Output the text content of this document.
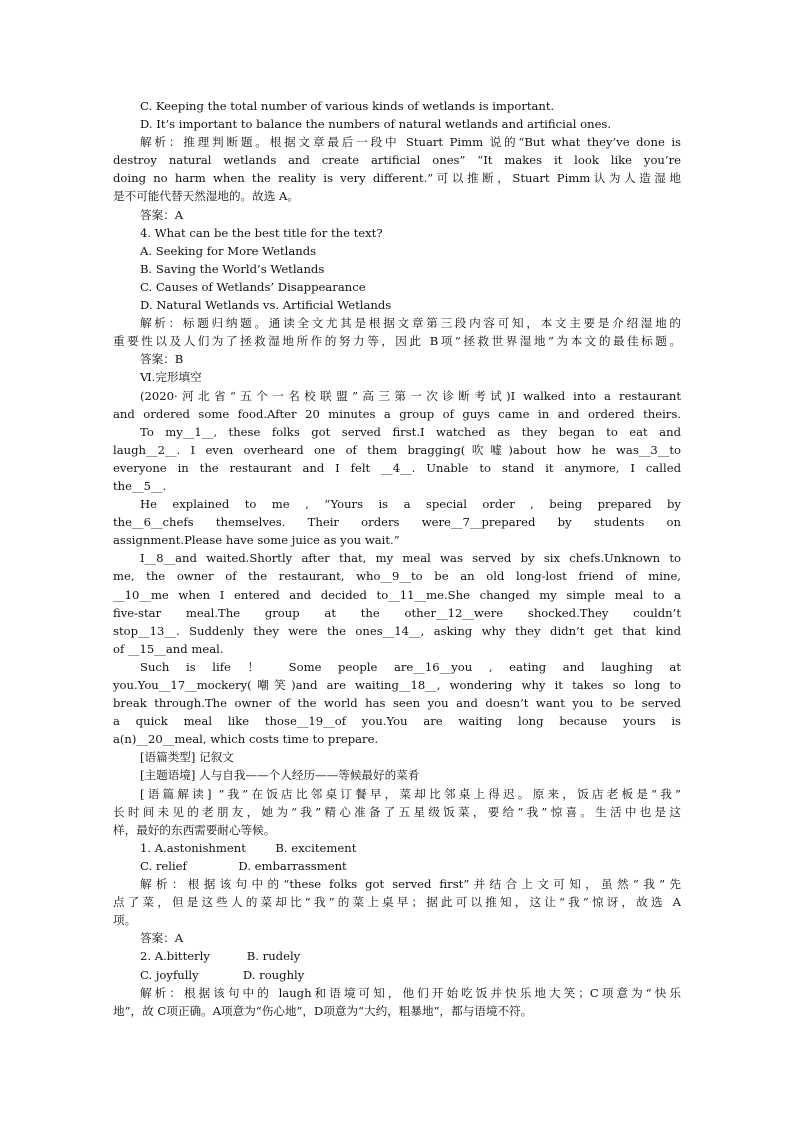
C. Keeping the total number of various kinds of wetlands is important.
D. It’s important to balance the numbers of natural wetlands and artificial ones.
解析：推理判断题。根据文章最后一段中 Stuart Pimm 说的“But what they’ve done is
destroy natural wetlands and create artificial ones” “It makes it look like you’re
doing no harm when the reality is very different.”可以推断，Stuart Pimm认为人造湿地
是不可能代替天然湿地的。故选 A。
答案：A
4. What can be the best title for the text?
A. Seeking for More Wetlands
B. Saving the World’s Wetlands
C. Causes of Wetlands’ Disappearance
D. Natural Wetlands vs. Artificial Wetlands
解析：标题归纳题。通读全文尤其是根据文章第三段内容可知，本文主要是介绍湿地的
重要性以及人们为了拯救湿地所作的努力等，因此 B项“拯救世界湿地”为本文的最佳标题。
答案：B
Ⅵ.完形填空
(2020·河北省“五个一名校联盟”高三第一次诊断考试)I walked into a restaurant
and ordered some food.After 20 minutes a group of guys came in and ordered theirs.
To my__1__, these folks got served first.I watched as they began to eat and
laugh__2__. I even overheard one of them bragging(吹嘘)about how he was__3__to
everyone in the restaurant and I felt __4__. Unable to stand it anymore, I called
the__5__.
He explained to me , “Yours is a special order , being prepared by
the__6__chefs themselves. Their orders were__7__prepared by students on
assignment.Please have some juice as you wait.”
I__8__and waited.Shortly after that, my meal was served by six chefs.Unknown to
me, the owner of the restaurant, who__9__to be an old long-lost friend of mine,
__10__me when I entered and decided to__11__me.She changed my simple meal to a
five-star meal.The group at the other__12__were shocked.They couldn’t
stop__13__. Suddenly they were the ones__14__, asking why they didn’t get that kind
of __15__and meal.
Such is life ！ Some people are__16__you , eating and laughing at
you.You__17__mockery(嘲笑)and are waiting__18__, wondering why it takes so long to
break through.The owner of the world has seen you and doesn’t want you to be served
a quick meal like those__19__of you.You are waiting long because yours is
a(n)__20__meal, which costs time to prepare.
[语篇类型] 记叙文
[主题语境] 人与自我——个人经历——等候最好的菜肴
[语篇解读] “我”在饭店比邻桌订餐早，菜却比邻桌上得迟。原来，饭店老板是“我”
长时间未见的老朋友，她为“我”精心准备了五星级饭菜，要给“我”惊喜。生活中也是这
样，最好的东西需要耐心等候。
1. A.astonishment        B. excitement
C. relief              D. embarrassment
解析：根据该句中的“these folks got served first”并结合上文可知，虽然“我”先
点了菜，但是这些人的菜却比“我”的菜上桌早；据此可以推知，这让“我”惊讶，故选 A
项。
答案：A
2. A.bitterly          B. rudely
C. joyfully            D. roughly
解析：根据该句中的 laugh和语境可知，他们开始吃饭并快乐地大笑；C项意为“快乐
地”，故 C项正确。A项意为“伤心地”，D项意为“大约，粗暴地”，都与语境不符。
